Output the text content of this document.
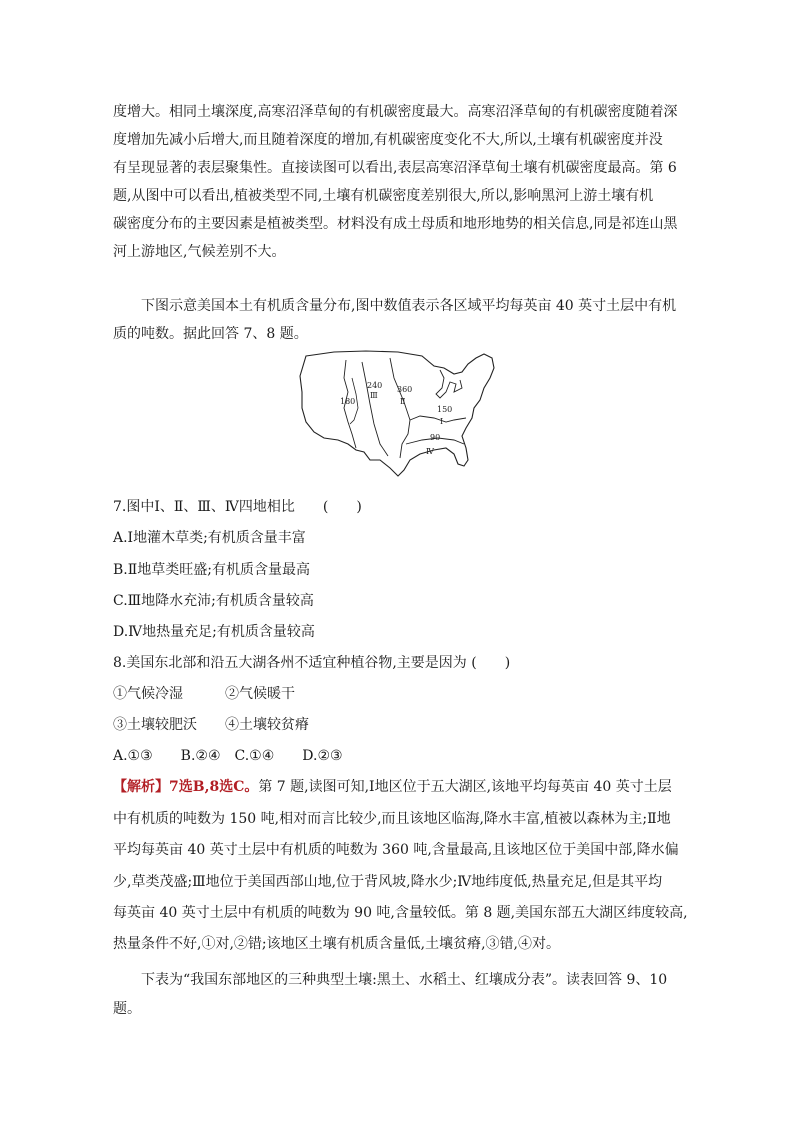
度增大。相同土壤深度,高寒沼泽草甸的有机碳密度最大。高寒沼泽草甸的有机碳密度随着深
度增加先减小后增大,而且随着深度的增加,有机碳密度变化不大,所以,土壤有机碳密度并没
有呈现显著的表层聚集性。直接读图可以看出,表层高寒沼泽草甸土壤有机碳密度最高。第 6
题,从图中可以看出,植被类型不同,土壤有机碳密度差别很大,所以,影响黑河上游土壤有机
碳密度分布的主要因素是植被类型。材料没有成土母质和地形地势的相关信息,同是祁连山黑
河上游地区,气候差别不大。
下图示意美国本土有机质含量分布,图中数值表示各区域平均每英亩 40 英寸土层中有机
质的吨数。据此回答 7、8 题。
180
240 360
150
90
Ⅲ
Ⅱ
Ⅰ
Ⅳ
7.图中Ⅰ、Ⅱ、Ⅲ、Ⅳ四地相比　　(　　)
A.Ⅰ地灌木草类;有机质含量丰富
B.Ⅱ地草类旺盛;有机质含量最高
C.Ⅲ地降水充沛;有机质含量较高
D.Ⅳ地热量充足;有机质含量较高
8.美国东北部和沿五大湖各州不适宜种植谷物,主要是因为 (　　)
①气候冷湿　　　②气候暖干
③土壤较肥沃　　④土壤较贫瘠
A.①③　　B.②④　C.①④　　D.②③
【解析】7选B,8选C。第 7 题,读图可知,Ⅰ地区位于五大湖区,该地平均每英亩 40 英寸土层
中有机质的吨数为 150 吨,相对而言比较少,而且该地区临海,降水丰富,植被以森林为主;Ⅱ地
平均每英亩 40 英寸土层中有机质的吨数为 360 吨,含量最高,且该地区位于美国中部,降水偏
少,草类茂盛;Ⅲ地位于美国西部山地,位于背风坡,降水少;Ⅳ地纬度低,热量充足,但是其平均
每英亩 40 英寸土层中有机质的吨数为 90 吨,含量较低。第 8 题,美国东部五大湖区纬度较高,
热量条件不好,①对,②错;该地区土壤有机质含量低,土壤贫瘠,③错,④对。
下表为“我国东部地区的三种典型土壤:黑土、水稻土、红壤成分表”。读表回答 9、10
题。
